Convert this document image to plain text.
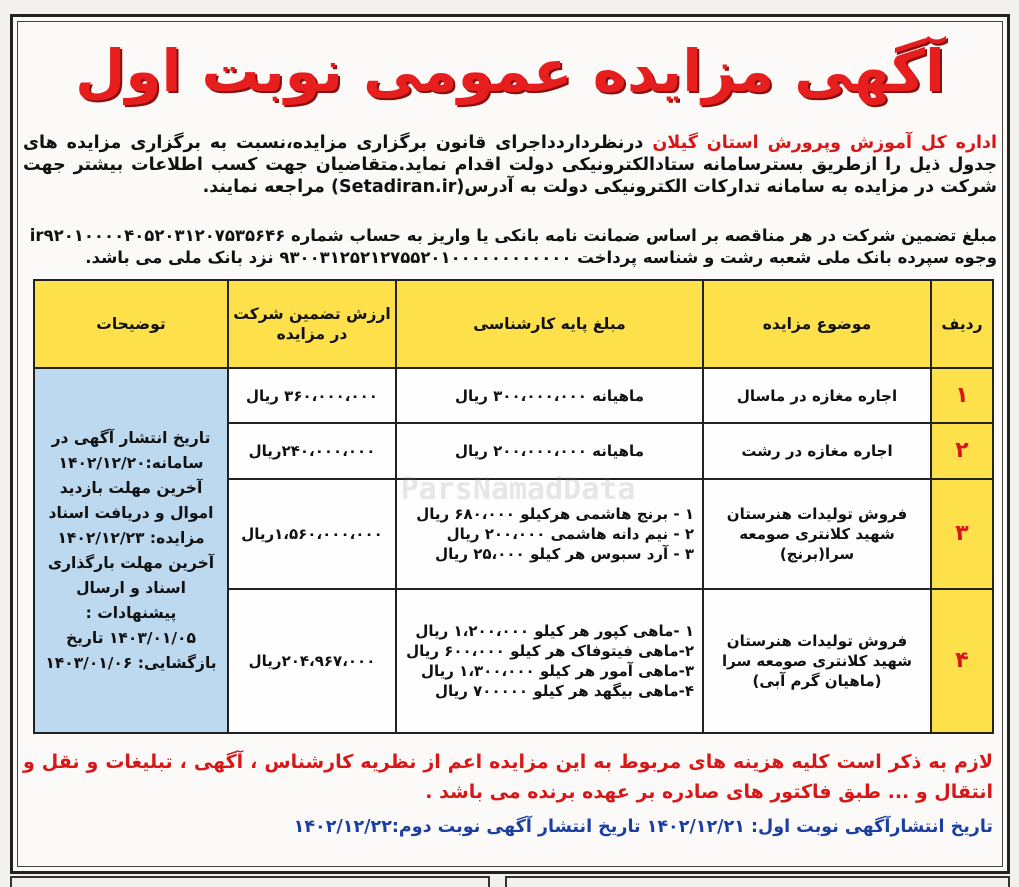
آگهی مزایده عمومی نوبت اول

اداره کل آموزش وپرورش استان گیلان درنظرداردداجرای قانون برگزاری مزایده،نسبت به برگزاری مزایده های جدول ذیل را ازطریق بسترسامانه ستادالکترونیکی دولت اقدام نماید.متقاضیان جهت کسب اطلاعات بیشتر جهت شرکت در مزایده به سامانه تدارکات الکترونیکی دولت به آدرس(Setadiran.ir) مراجعه نمایند.

مبلغ تضمین شرکت در هر مناقصه بر اساس ضمانت نامه بانکی یا واریز به حساب شماره ir۹۲۰۱۰۰۰۰۴۰۵۲۰۳۱۲۰۷۵۳۵۶۴۶ وجوه سپرده بانک ملی شعبه رشت و شناسه پرداخت ۹۳۰۰۳۱۲۵۲۱۲۷۵۵۲۰۱۰۰۰۰۰۰۰۰۰۰۰۰ نزد بانک ملی می باشد.

ردیف	موضوع مزایده	مبلغ پایه کارشناسی	ارزش تضمین شرکت در مزایده	توضیحات
۱	اجاره مغازه در ماسال	ماهیانه ۳۰۰،۰۰۰،۰۰۰ ریال	۳۶۰،۰۰۰،۰۰۰ ریال	تاریخ انتشار آگهی در سامانه:۱۴۰۲/۱۲/۲۰ آخرین مهلت بازدید اموال و دریافت اسناد مزایده: ۱۴۰۲/۱۲/۲۳ آخرین مهلت بارگذاری اسناد و ارسال پیشنهادات : ۱۴۰۳/۰۱/۰۵ تاریخ بازگشایی: ۱۴۰۳/۰۱/۰۶
۲	اجاره مغازه در رشت	ماهیانه ۲۰۰،۰۰۰،۰۰۰ ریال	۲۴۰،۰۰۰،۰۰۰ریال	
۳	فروش تولیدات هنرستان شهید کلانتری صومعه سرا(برنج)	۱ - برنج هاشمی هرکیلو ۶۸۰،۰۰۰ ریال
۲ - نیم دانه هاشمی ۲۰۰،۰۰۰ ریال
۳ - آرد سبوس هر کیلو ۲۵،۰۰۰ ریال	۱،۵۶۰،۰۰۰،۰۰۰ریال	
۴	فروش تولیدات هنرستان شهید کلانتری صومعه سرا (ماهیان گرم آبی)	۱ -ماهی کپور هر کیلو ۱،۲۰۰،۰۰۰ ریال
۲-ماهی فیتوفاک هر کیلو ۶۰۰،۰۰۰ ریال
۳-ماهی آمور هر کیلو ۱،۳۰۰،۰۰۰ ریال
۴-ماهی بیگهد هر کیلو ۷۰۰۰۰۰ ریال	۲۰۴،۹۶۷،۰۰۰ریال	

لازم به ذکر است کلیه هزینه های مربوط به این مزایده اعم از نظریه کارشناس ، آگهی ، تبلیغات و نقل و انتقال و ... طبق فاکتور های صادره بر عهده برنده می باشد .

تاریخ انتشارآگهی نوبت اول: ۱۴۰۲/۱۲/۲۱ تاریخ انتشار آگهی نوبت دوم:۱۴۰۲/۱۲/۲۲
